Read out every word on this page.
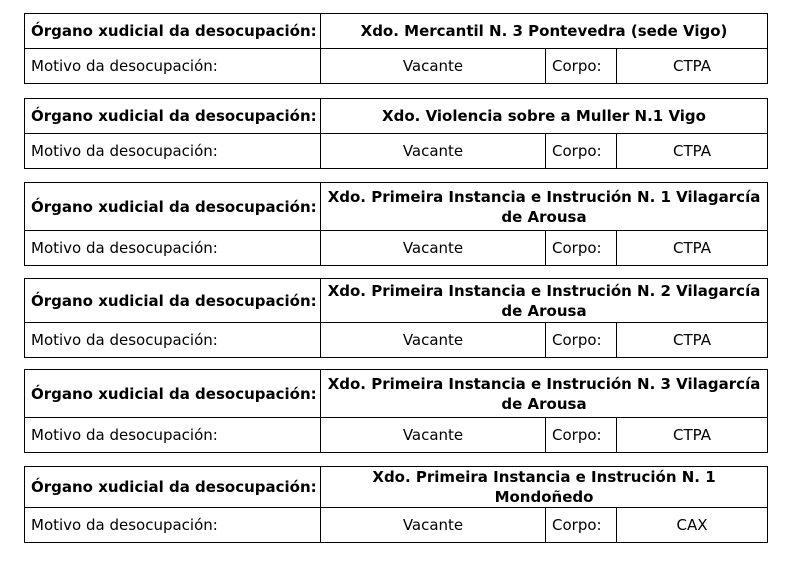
Órgano xudicial da desocupación:	Xdo. Mercantil N. 3 Pontevedra (sede Vigo)		
Motivo da desocupación:	Vacante	Corpo:	CTPA
Órgano xudicial da desocupación:	Xdo. Violencia sobre a Muller N.1 Vigo		
Motivo da desocupación:	Vacante	Corpo:	CTPA
Órgano xudicial da desocupación:	Xdo. Primeira Instancia e Instrución N. 1 Vilagarcía de Arousa		
Motivo da desocupación:	Vacante	Corpo:	CTPA
Órgano xudicial da desocupación:	Xdo. Primeira Instancia e Instrución N. 2 Vilagarcía de Arousa		
Motivo da desocupación:	Vacante	Corpo:	CTPA
Órgano xudicial da desocupación:	Xdo. Primeira Instancia e Instrución N. 3 Vilagarcía de Arousa		
Motivo da desocupación:	Vacante	Corpo:	CTPA
Órgano xudicial da desocupación:	Xdo. Primeira Instancia e Instrución N. 1 Mondoñedo		
Motivo da desocupación:	Vacante	Corpo:	CAX
